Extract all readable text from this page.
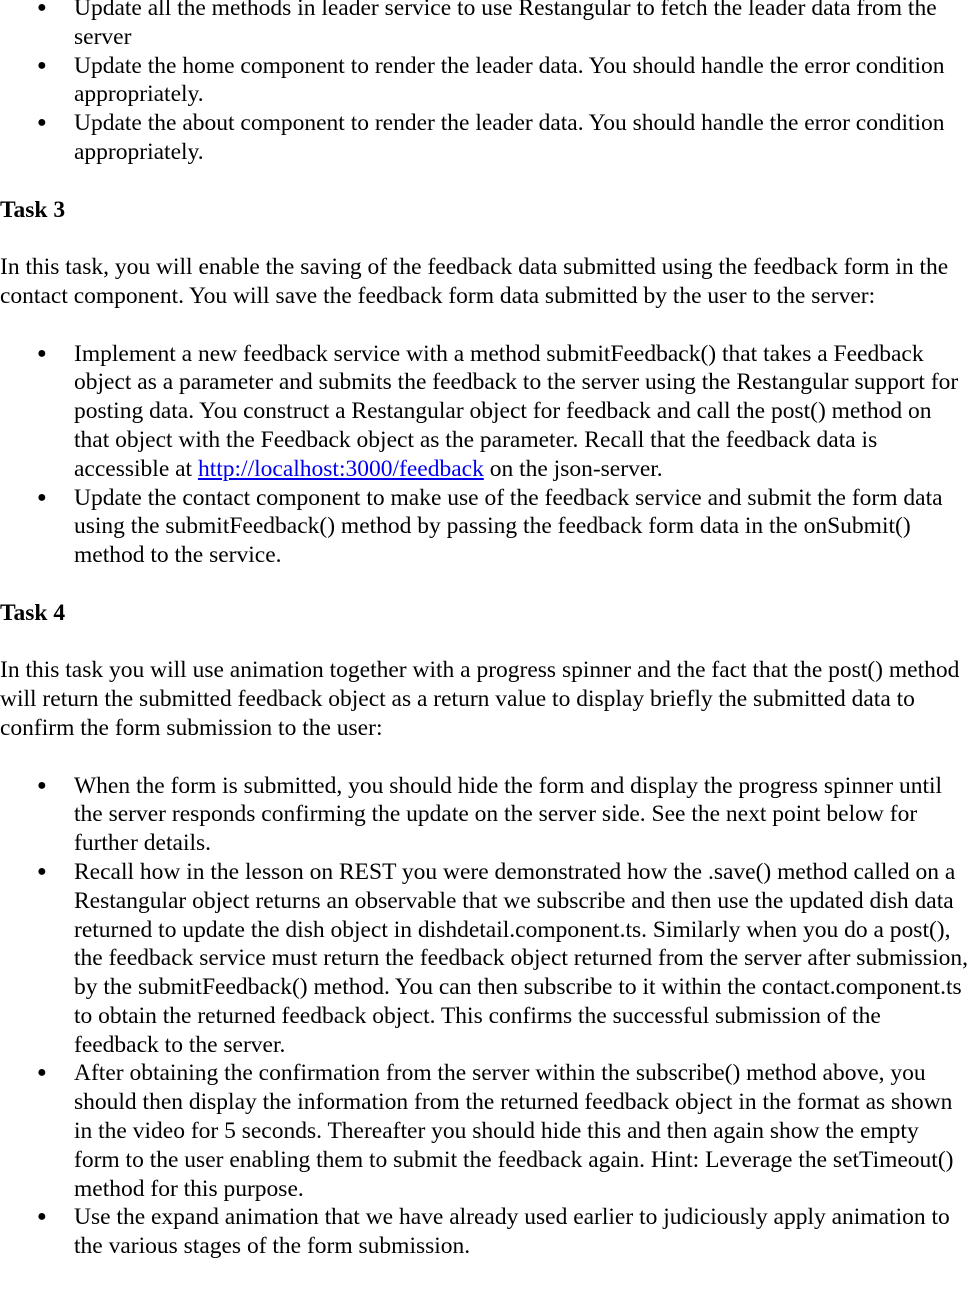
● Update all the methods in leader service to use Restangular to fetch the leader data from the server
● Update the home component to render the leader data. You should handle the error condition appropriately.
● Update the about component to render the leader data. You should handle the error condition appropriately.

Task 3

In this task, you will enable the saving of the feedback data submitted using the feedback form in the contact component. You will save the feedback form data submitted by the user to the server:

● Implement a new feedback service with a method submitFeedback() that takes a Feedback object as a parameter and submits the feedback to the server using the Restangular support for posting data. You construct a Restangular object for feedback and call the post() method on that object with the Feedback object as the parameter. Recall that the feedback data is accessible at http://localhost:3000/feedback on the json-server.
● Update the contact component to make use of the feedback service and submit the form data using the submitFeedback() method by passing the feedback form data in the onSubmit() method to the service.

Task 4

In this task you will use animation together with a progress spinner and the fact that the post() method will return the submitted feedback object as a return value to display briefly the submitted data to confirm the form submission to the user:

● When the form is submitted, you should hide the form and display the progress spinner until the server responds confirming the update on the server side. See the next point below for further details.
● Recall how in the lesson on REST you were demonstrated how the .save() method called on a Restangular object returns an observable that we subscribe and then use the updated dish data returned to update the dish object in dishdetail.component.ts. Similarly when you do a post(), the feedback service must return the feedback object returned from the server after submission, by the submitFeedback() method. You can then subscribe to it within the contact.component.ts to obtain the returned feedback object. This confirms the successful submission of the feedback to the server.
● After obtaining the confirmation from the server within the subscribe() method above, you should then display the information from the returned feedback object in the format as shown in the video for 5 seconds. Thereafter you should hide this and then again show the empty form to the user enabling them to submit the feedback again. Hint: Leverage the setTimeout() method for this purpose.
● Use the expand animation that we have already used earlier to judiciously apply animation to the various stages of the form submission.
